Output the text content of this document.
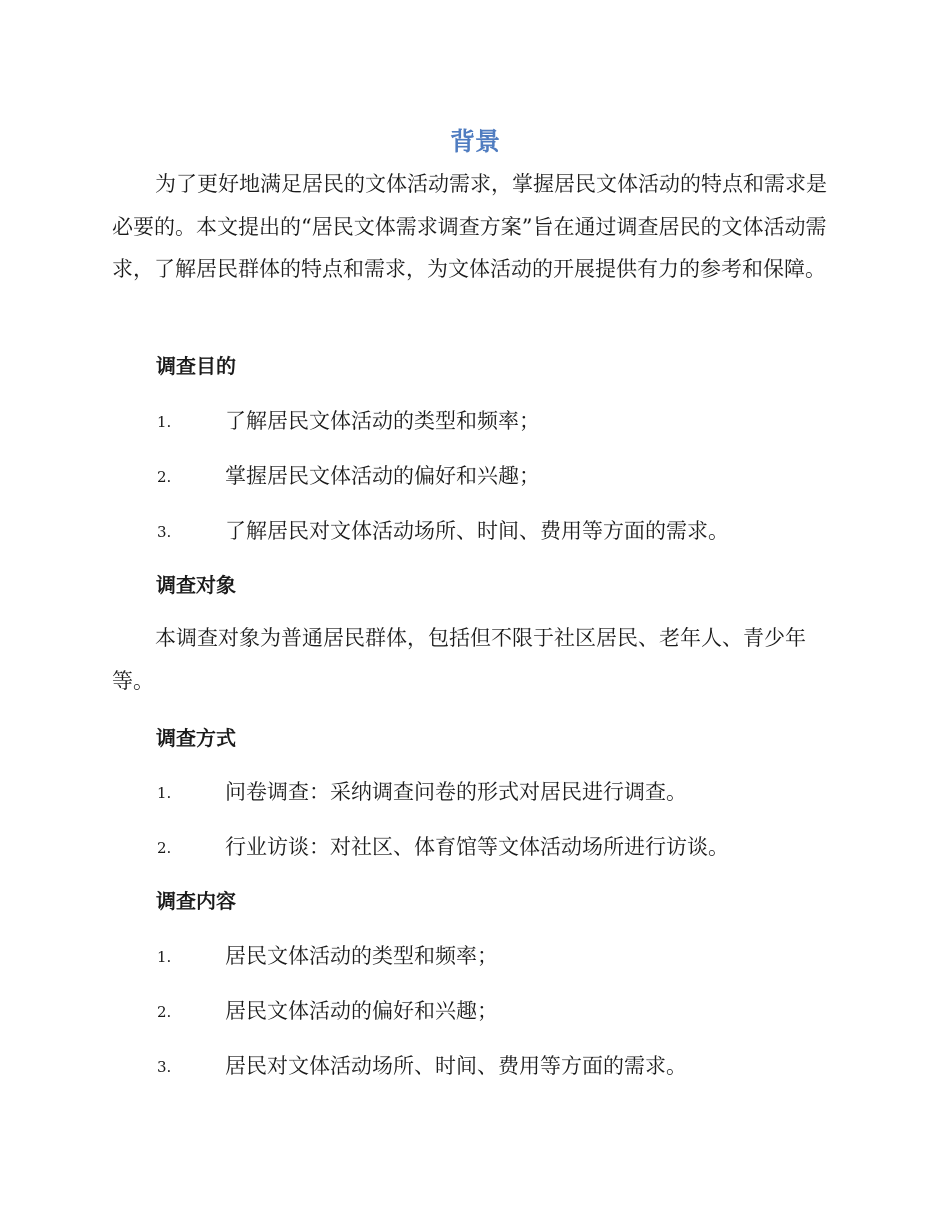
背景

为了更好地满足居民的文体活动需求，掌握居民文体活动的特点和需求是必要的。本文提出的“居民文体需求调查方案”旨在通过调查居民的文体活动需求，了解居民群体的特点和需求，为文体活动的开展提供有力的参考和保障。

调查目的
1.	了解居民文体活动的类型和频率；
2.	掌握居民文体活动的偏好和兴趣；
3.	了解居民对文体活动场所、时间、费用等方面的需求。
调查对象

本调查对象为普通居民群体，包括但不限于社区居民、老年人、青少年等。

调查方式
1.	问卷调查：采纳调查问卷的形式对居民进行调查。
2.	行业访谈：对社区、体育馆等文体活动场所进行访谈。
调查内容
1.	居民文体活动的类型和频率；
2.	居民文体活动的偏好和兴趣；
3.	居民对文体活动场所、时间、费用等方面的需求。
